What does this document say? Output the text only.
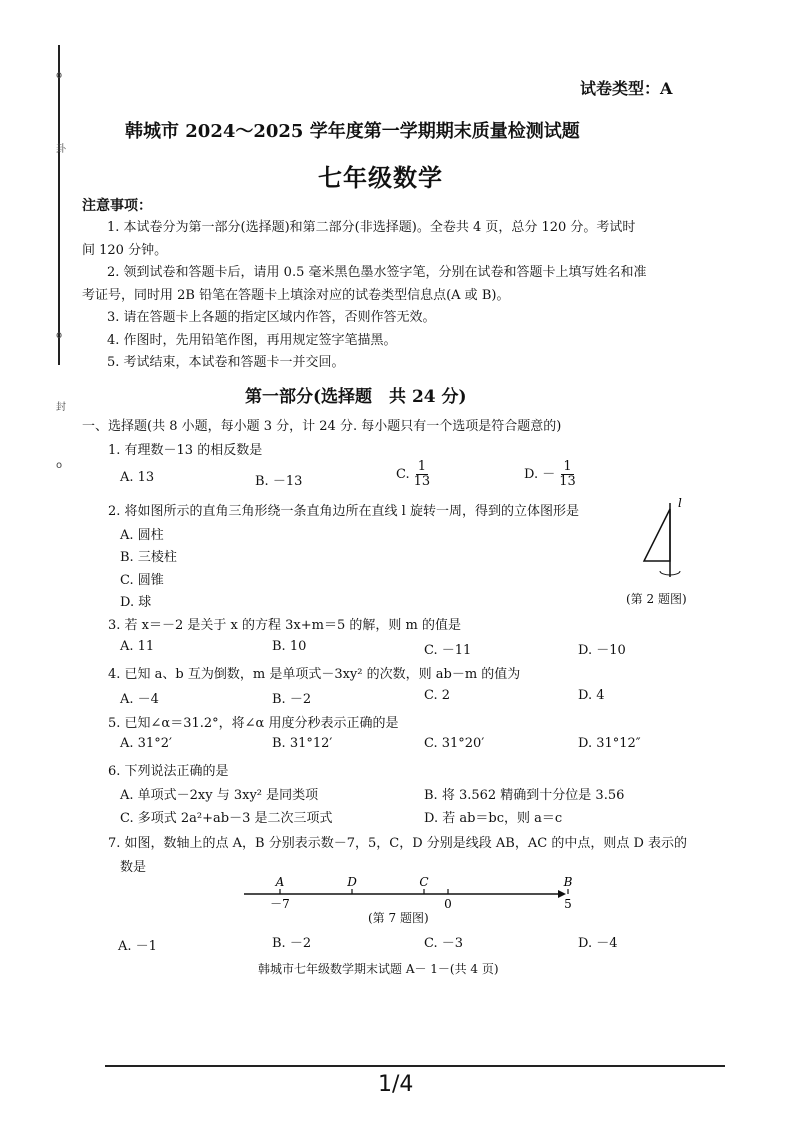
o
o
o
卦
封
试卷类型：A
韩城市 2024～2025 学年度第一学期期末质量检测试题
七年级数学
注意事项：
1. 本试卷分为第一部分(选择题)和第二部分(非选择题)。全卷共 4 页，总分 120 分。考试时
间 120 分钟。
2. 领到试卷和答题卡后，请用 0.5 毫米黑色墨水签字笔，分别在试卷和答题卡上填写姓名和准
考证号，同时用 2B 铅笔在答题卡上填涂对应的试卷类型信息点(A 或 B)。
3. 请在答题卡上各题的指定区域内作答，否则作答无效。
4. 作图时，先用铅笔作图，再用规定签字笔描黑。
5. 考试结束，本试卷和答题卡一并交回。
第一部分(选择题　共 24 分)
一、选择题(共 8 小题，每小题 3 分，计 24 分. 每小题只有一个选项是符合题意的)
1. 有理数－13 的相反数是
A. 13	B. －13	C. $\frac{1}{13}$	D. － $\frac{1}{13}$
2. 将如图所示的直角三角形绕一条直角边所在直线 l 旋转一周，得到的立体图形是
A. 圆柱
B. 三棱柱
C. 圆锥
D. 球
l
(第 2 题图)
3. 若 x＝－2 是关于 x 的方程 3x+m＝5 的解，则 m 的值是
A. 11	B. 10	C. －11	D. －10
4. 已知 a、b 互为倒数，m 是单项式－3xy² 的次数，则 ab－m 的值为
A. －4	B. －2	C. 2	D. 4
5. 已知∠α＝31.2°，将∠α 用度分秒表示正确的是
A. 31°2′	B. 31°12′	C. 31°20′	D. 31°12″
6. 下列说法正确的是
A. 单项式－2xy 与 3xy² 是同类项	B. 将 3.562 精确到十分位是 3.56
C. 多项式 2a²+ab－3 是二次三项式	D. 若 ab＝bc，则 a＝c
7. 如图，数轴上的点 A，B 分别表示数－7，5，C，D 分别是线段 AB，AC 的中点，则点 D 表示的
数是
A
－7
D	C
0
B
5
(第 7 题图)
A. －1	B. －2	C. －3	D. －4
韩城市七年级数学期末试题 A－ 1－(共 4 页)
1/4
